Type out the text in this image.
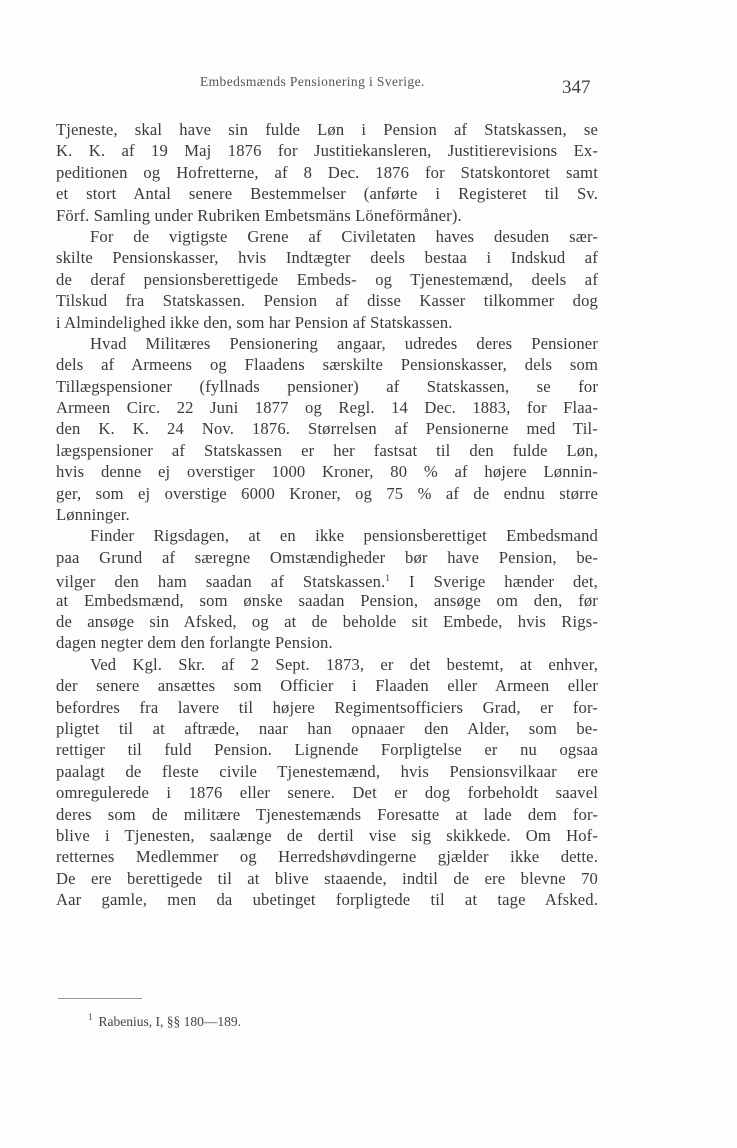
Embedsmænds Pensionering i Sverige.	347
Tjeneste, skal have sin fulde Løn i Pension af Statskassen, se
K. K. af 19 Maj 1876 for Justitiekansleren, Justitierevisions Ex-
peditionen og Hofretterne, af 8 Dec. 1876 for Statskontoret samt
et stort Antal senere Bestemmelser (anførte i Registeret til Sv.
Förf. Samling under Rubriken Embetsmäns Löneförmåner).
For de vigtigste Grene af Civiletaten haves desuden sær-
skilte Pensionskasser, hvis Indtægter deels bestaa i Indskud af
de deraf pensionsberettigede Embeds- og Tjenestemænd, deels af
Tilskud fra Statskassen. Pension af disse Kasser tilkommer dog
i Almindelighed ikke den, som har Pension af Statskassen.
Hvad Militæres Pensionering angaar, udredes deres Pensioner
dels af Armeens og Flaadens særskilte Pensionskasser, dels som
Tillægspensioner (fyllnads pensioner) af Statskassen, se for
Armeen Circ. 22 Juni 1877 og Regl. 14 Dec. 1883, for Flaa-
den K. K. 24 Nov. 1876. Størrelsen af Pensionerne med Til-
lægspensioner af Statskassen er her fastsat til den fulde Løn,
hvis denne ej overstiger 1000 Kroner, 80 % af højere Lønnin-
ger, som ej overstige 6000 Kroner, og 75 % af de endnu større
Lønninger.
Finder Rigsdagen, at en ikke pensionsberettiget Embedsmand
paa Grund af særegne Omstændigheder bør have Pension, be-
vilger den ham saadan af Statskassen.$^1$ I Sverige hænder det,
at Embedsmænd, som ønske saadan Pension, ansøge om den, før
de ansøge sin Afsked, og at de beholde sit Embede, hvis Rigs-
dagen negter dem den forlangte Pension.
Ved Kgl. Skr. af 2 Sept. 1873, er det bestemt, at enhver,
der senere ansættes som Officier i Flaaden eller Armeen eller
befordres fra lavere til højere Regimentsofficiers Grad, er for-
pligtet til at aftræde, naar han opnaaer den Alder, som be-
rettiger til fuld Pension. Lignende Forpligtelse er nu ogsaa
paalagt de fleste civile Tjenestemænd, hvis Pensionsvilkaar ere
omregulerede i 1876 eller senere. Det er dog forbeholdt saavel
deres som de militære Tjenestemænds Foresatte at lade dem for-
blive i Tjenesten, saalænge de dertil vise sig skikkede. Om Hof-
retternes Medlemmer og Herredshøvdingerne gjælder ikke dette.
De ere berettigede til at blive staaende, indtil de ere blevne 70
Aar gamle, men da ubetinget forpligtede til at tage Afsked.
$^1$ Rabenius, I, §§ 180—189.
